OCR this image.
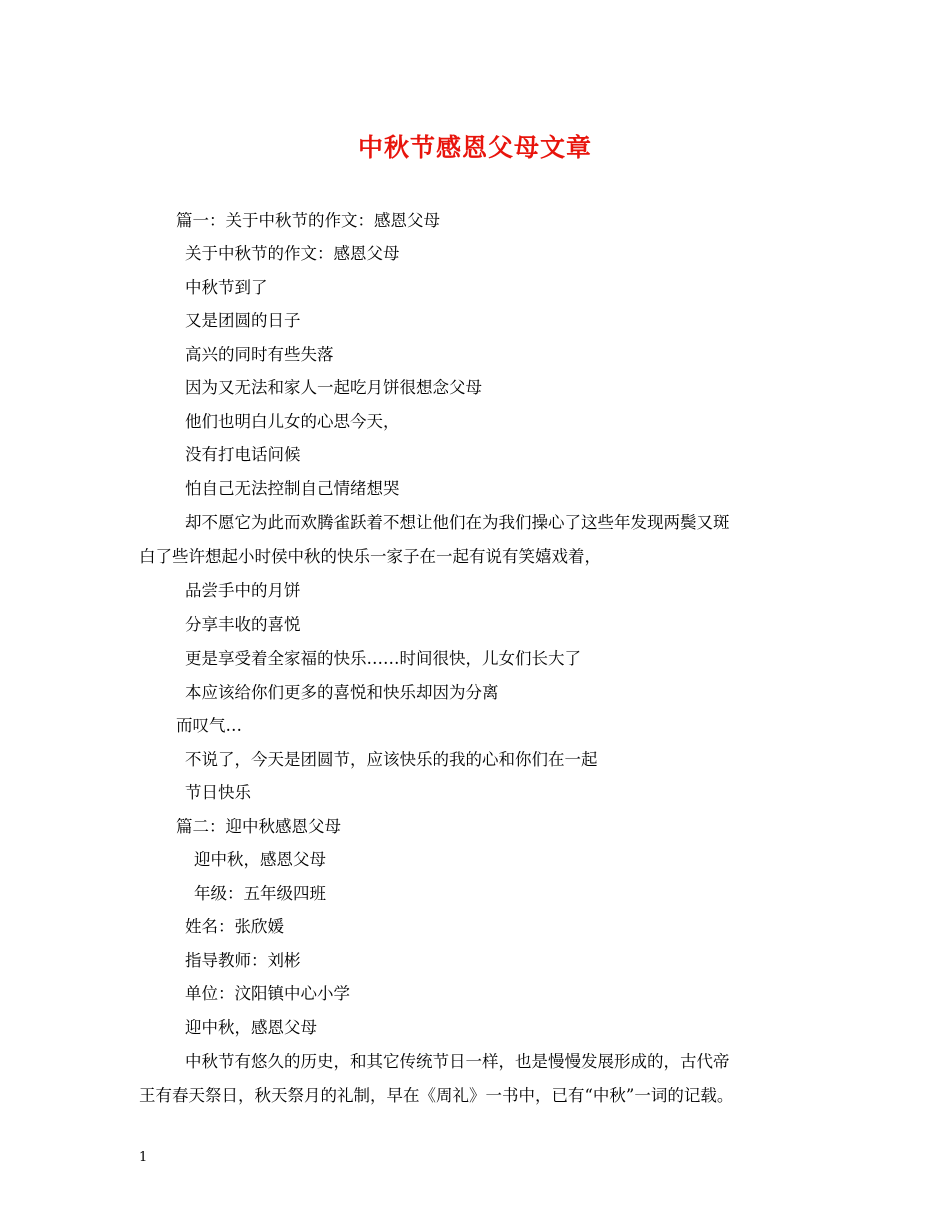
中秋节感恩父母文章
篇一：关于中秋节的作文：感恩父母
关于中秋节的作文：感恩父母
中秋节到了
又是团圆的日子
高兴的同时有些失落
因为又无法和家人一起吃月饼很想念父母
他们也明白儿女的心思今天，
没有打电话问候
怕自己无法控制自己情绪想哭
却不愿它为此而欢腾雀跃着不想让他们在为我们操心了这些年发现两鬓又斑
白了些许想起小时侯中秋的快乐一家子在一起有说有笑嬉戏着，
品尝手中的月饼
分享丰收的喜悦
更是享受着全家福的快乐……时间很快，儿女们长大了
本应该给你们更多的喜悦和快乐却因为分离
而叹气…
不说了，今天是团圆节，应该快乐的我的心和你们在一起
节日快乐
篇二：迎中秋感恩父母
迎中秋，感恩父母
年级：五年级四班
姓名：张欣媛
指导教师：刘彬
单位：汶阳镇中心小学
迎中秋，感恩父母
中秋节有悠久的历史，和其它传统节日一样，也是慢慢发展形成的，古代帝
王有春天祭日，秋天祭月的礼制，早在《周礼》一书中，已有“中秋”一词的记载。
1
